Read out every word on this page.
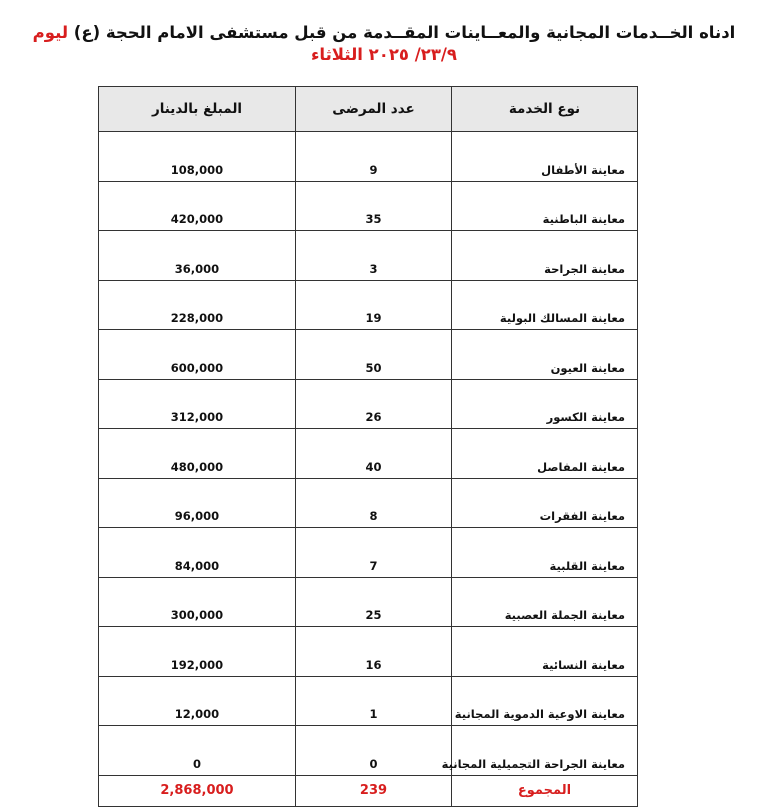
ادناه الخــدمات المجانية والمعــاينات المقــدمة من قبل مستشفى الامام الحجة (ع) ليوم
٢٣/٩/ ٢٠٢٥ الثلاثاء
نوع الخدمة	عدد المرضى	المبلغ بالدينار
معاينة الأطفال	9	108,000
معاينة الباطنية	35	420,000
معاينة الجراحة	3	36,000
معاينة المسالك البولية	19	228,000
معاينة العيون	50	600,000
معاينة الكسور	26	312,000
معاينة المفاصل	40	480,000
معاينة الفقرات	8	96,000
معاينة القلبية	7	84,000
معاينة الجملة العصبية	25	300,000
معاينة النسائية	16	192,000
معاينة الاوعية الدموية المجانية	1	12,000
معاينة الجراحة التجميلية المجانية	0	0
المجموع	239	2,868,000
